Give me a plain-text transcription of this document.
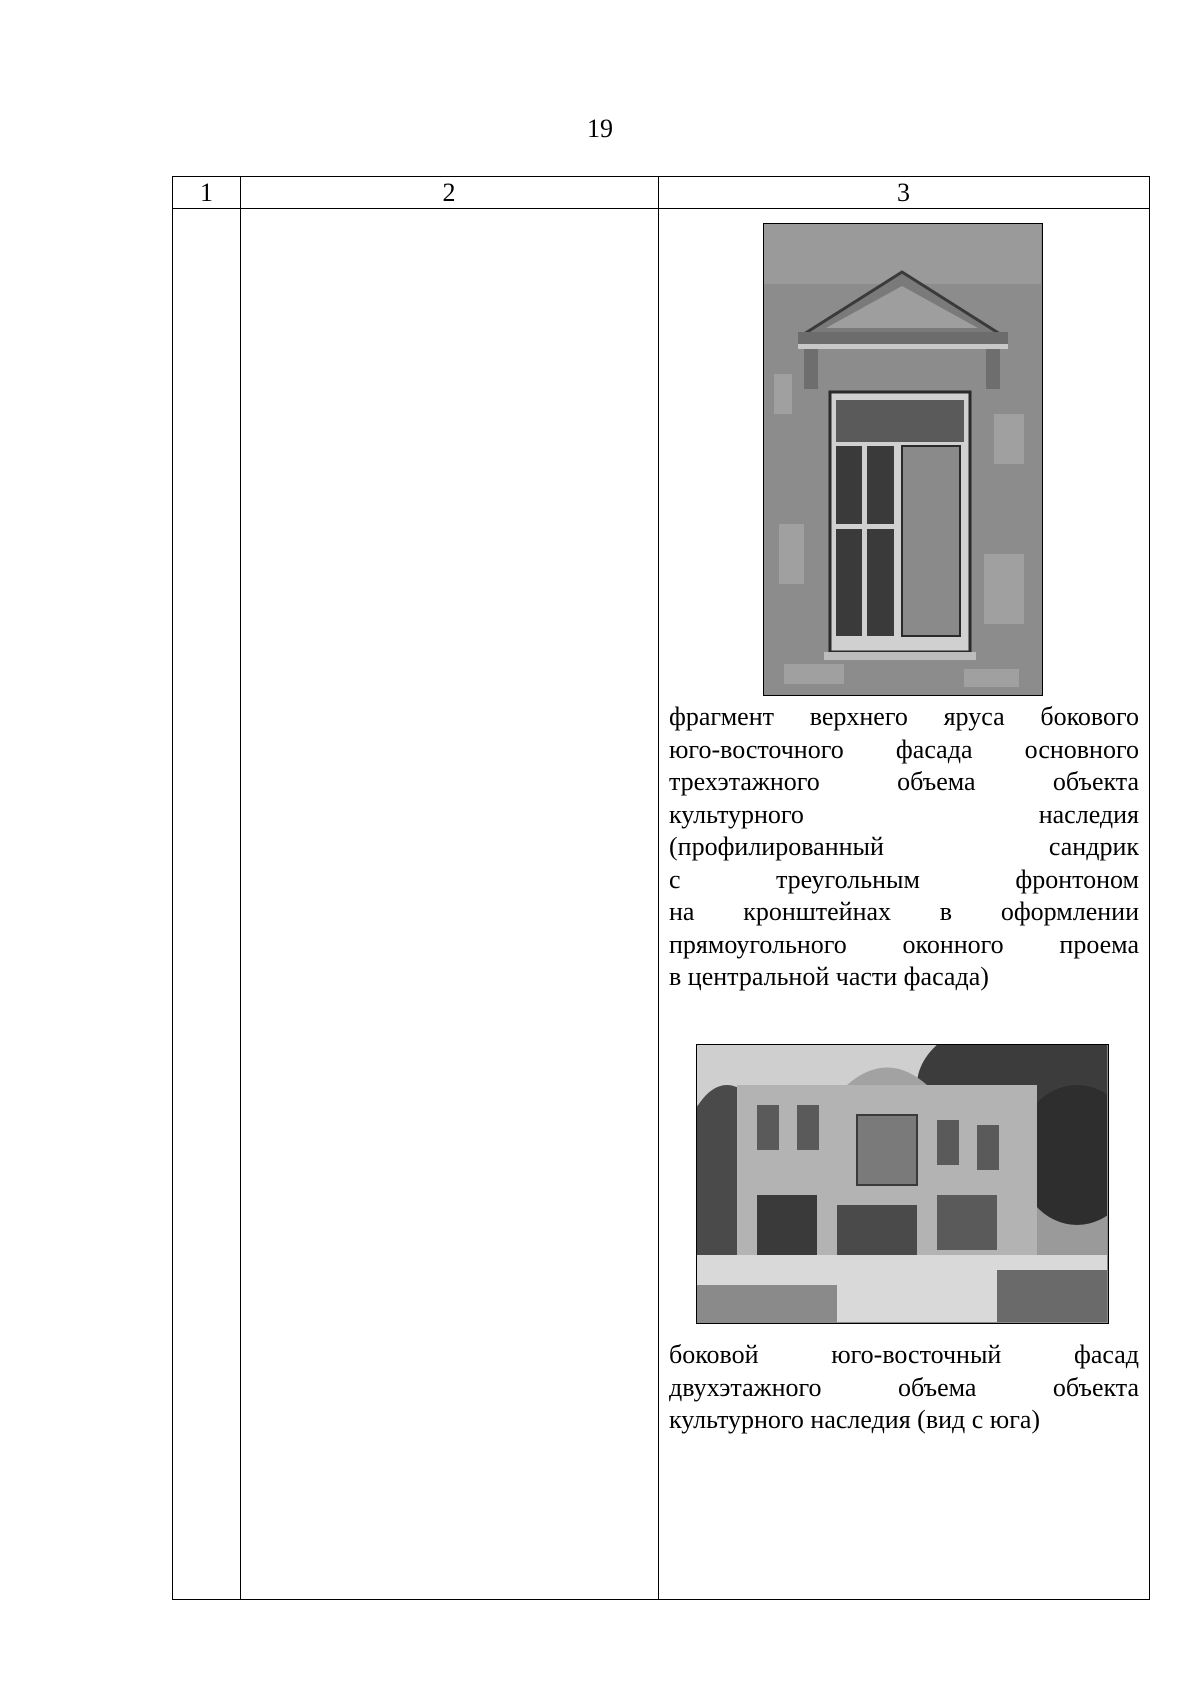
19
1	2	3
фрагмент верхнего яруса бокового
юго-восточного фасада основного
трехэтажного объема объекта
культурного наследия
(профилированный сандрик
с треугольным фронтоном
на кронштейнах в оформлении
прямоугольного оконного проема
в центральной части фасада)
боковой юго-восточный фасад
двухэтажного объема объекта
культурного наследия (вид с юга)
